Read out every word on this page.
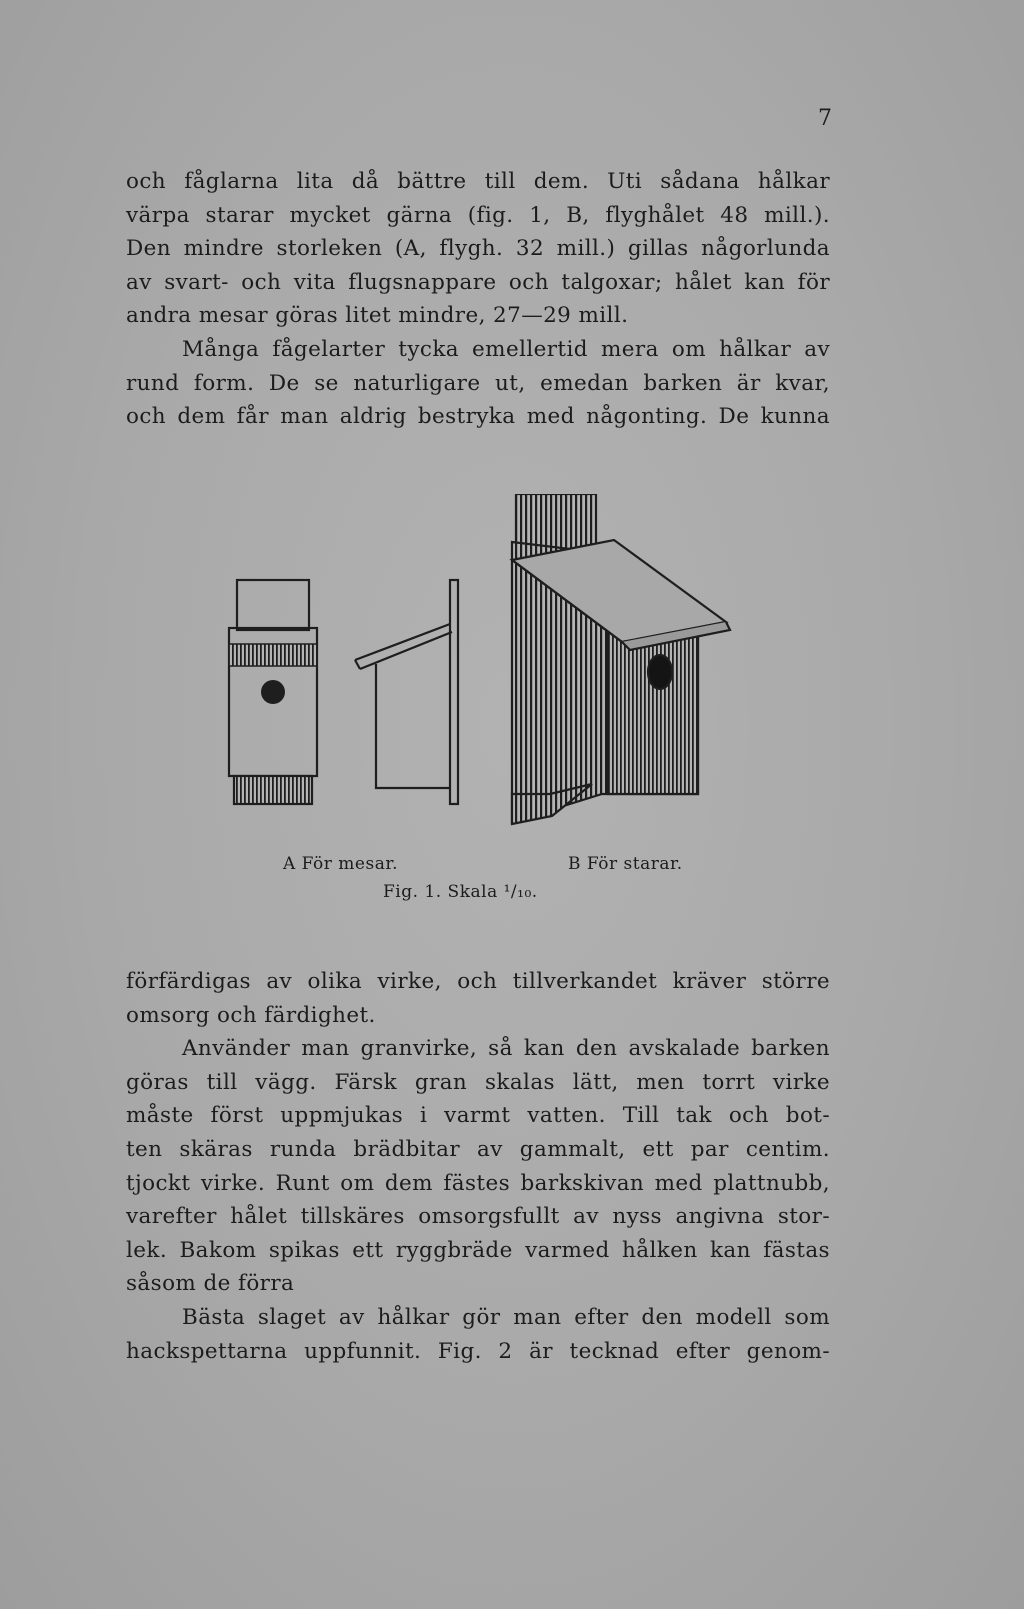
7
och fåglarna lita då bättre till dem. Uti sådana hålkar
värpa starar mycket gärna (fig. 1, B, flyghålet 48 mill.).
Den mindre storleken (A, flygh. 32 mill.) gillas någorlunda
av svart- och vita flugsnappare och talgoxar; hålet kan för
andra mesar göras litet mindre, 27—29 mill.
Många fågelarter tycka emellertid mera om hålkar av
rund form. De se naturligare ut, emedan barken är kvar,
och dem får man aldrig bestryka med någonting. De kunna
A För mesar.	B För starar.
Fig. 1. Skala ¹/₁₀.
förfärdigas av olika virke, och tillverkandet kräver större
omsorg och färdighet.
Använder man granvirke, så kan den avskalade barken
göras till vägg. Färsk gran skalas lätt, men torrt virke
måste först uppmjukas i varmt vatten. Till tak och bot-
ten skäras runda brädbitar av gammalt, ett par centim.
tjockt virke. Runt om dem fästes barkskivan med plattnubb,
varefter hålet tillskäres omsorgsfullt av nyss angivna stor-
lek. Bakom spikas ett ryggbräde varmed hålken kan fästas
såsom de förra
Bästa slaget av hålkar gör man efter den modell som
hackspettarna uppfunnit. Fig. 2 är tecknad efter genom-
